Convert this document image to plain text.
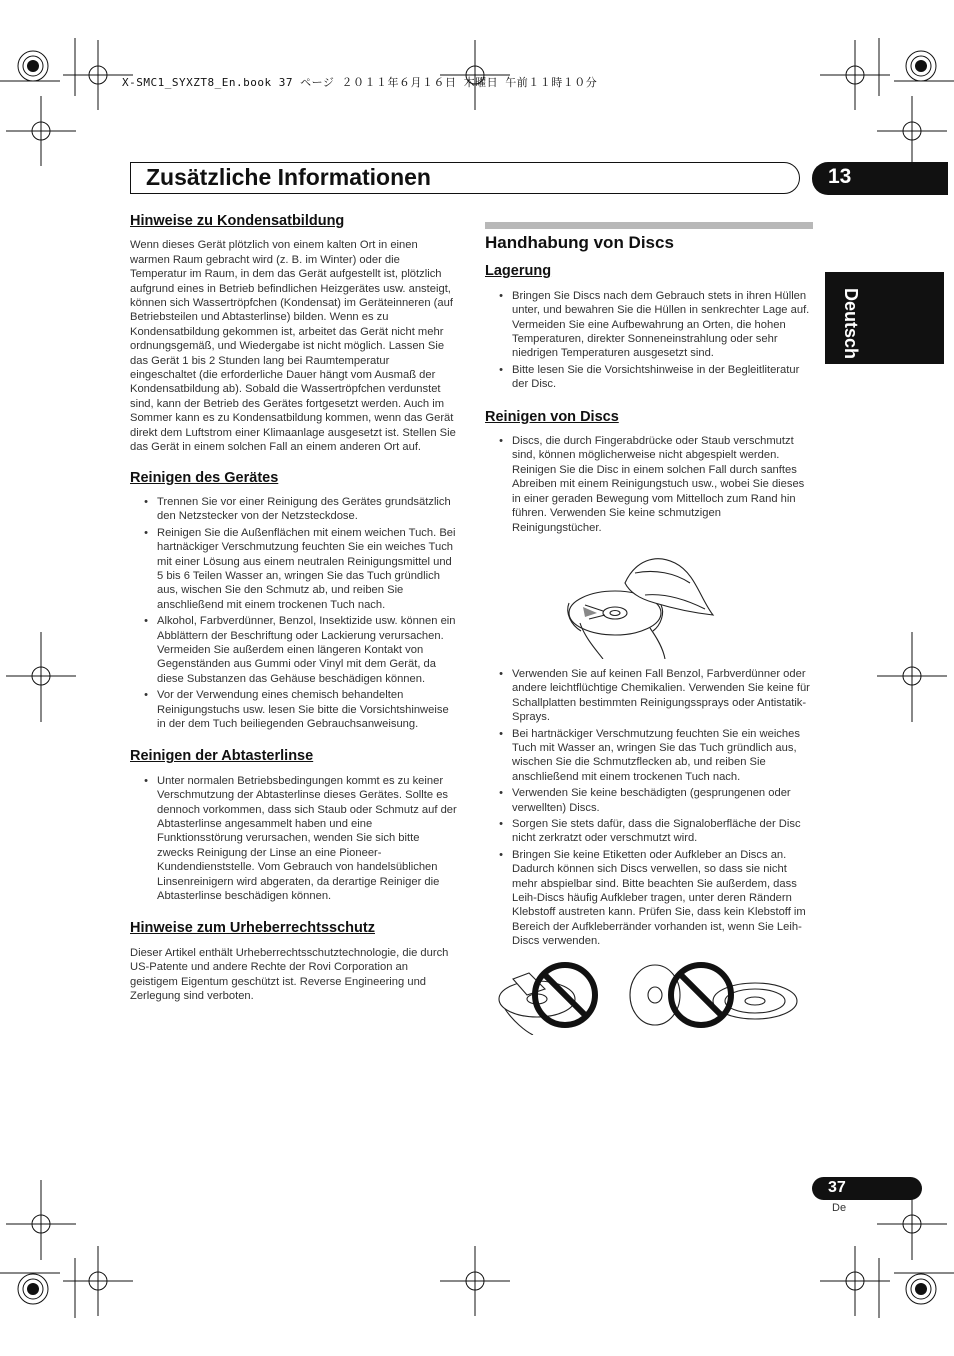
X-SMC1_SYXZT8_En.book 37 ページ ２０１１年６月１６日 木曜日 午前１１時１０分
Zusätzliche Informationen	13
Deutsch
Hinweise zu Kondensatbildung

Wenn dieses Gerät plötzlich von einem kalten Ort in einen warmen Raum gebracht wird (z. B. im Winter) oder die Temperatur im Raum, in dem das Gerät aufgestellt ist, plötzlich aufgrund eines in Betrieb befindlichen Heizgerätes usw. ansteigt, können sich Wassertröpfchen (Kondensat) im Geräteinneren (auf Betriebsteilen und Abtasterlinse) bilden. Wenn es zu Kondensatbildung gekommen ist, arbeitet das Gerät nicht mehr ordnungsgemäß, und Wiedergabe ist nicht möglich. Lassen Sie das Gerät 1 bis 2 Stunden lang bei Raumtemperatur eingeschaltet (die erforderliche Dauer hängt vom Ausmaß der Kondensatbildung ab). Sobald die Wassertröpfchen verdunstet sind, kann der Betrieb des Gerätes fortgesetzt werden. Auch im Sommer kann es zu Kondensatbildung kommen, wenn das Gerät direkt dem Luftstrom einer Klimaanlage ausgesetzt ist. Stellen Sie das Gerät in einem solchen Fall an einem anderen Ort auf.

Reinigen des Gerätes
• Trennen Sie vor einer Reinigung des Gerätes grundsätzlich den Netzstecker von der Netzsteckdose.
• Reinigen Sie die Außenflächen mit einem weichen Tuch. Bei hartnäckiger Verschmutzung feuchten Sie ein weiches Tuch mit einer Lösung aus einem neutralen Reinigungsmittel und 5 bis 6 Teilen Wasser an, wringen Sie das Tuch gründlich aus, wischen Sie den Schmutz ab, und reiben Sie anschließend mit einem trockenen Tuch nach.
• Alkohol, Farbverdünner, Benzol, Insektizide usw. können ein Abblättern der Beschriftung oder Lackierung verursachen. Vermeiden Sie außerdem einen längeren Kontakt von Gegenständen aus Gummi oder Vinyl mit dem Gerät, da diese Substanzen das Gehäuse beschädigen können.
• Vor der Verwendung eines chemisch behandelten Reinigungstuchs usw. lesen Sie bitte die Vorsichtshinweise in der dem Tuch beiliegenden Gebrauchsanweisung.
Reinigen der Abtasterlinse
• Unter normalen Betriebsbedingungen kommt es zu keiner Verschmutzung der Abtasterlinse dieses Gerätes. Sollte es dennoch vorkommen, dass sich Staub oder Schmutz auf der Abtasterlinse angesammelt haben und eine Funktionsstörung verursachen, wenden Sie sich bitte zwecks Reinigung der Linse an eine Pioneer-Kundendienststelle. Vom Gebrauch von handelsüblichen Linsenreinigern wird abgeraten, da derartige Reiniger die Abtasterlinse beschädigen können.
Hinweise zum Urheberrechtsschutz

Dieser Artikel enthält Urheberrechtsschutztechnologie, die durch US-Patente und andere Rechte der Rovi Corporation an geistigem Eigentum geschützt ist. Reverse Engineering und Zerlegung sind verboten.

Handhabung von Discs
Lagerung
• Bringen Sie Discs nach dem Gebrauch stets in ihren Hüllen unter, und bewahren Sie die Hüllen in senkrechter Lage auf. Vermeiden Sie eine Aufbewahrung an Orten, die hohen Temperaturen, direkter Sonneneinstrahlung oder sehr niedrigen Temperaturen ausgesetzt sind.
• Bitte lesen Sie die Vorsichtshinweise in der Begleitliteratur der Disc.
Reinigen von Discs
• Discs, die durch Fingerabdrücke oder Staub verschmutzt sind, können möglicherweise nicht abgespielt werden. Reinigen Sie die Disc in einem solchen Fall durch sanftes Abreiben mit einem Reinigungstuch usw., wobei Sie dieses in einer geraden Bewegung vom Mittelloch zum Rand hin führen. Verwenden Sie keine schmutzigen Reinigungstücher.
• Verwenden Sie auf keinen Fall Benzol, Farbverdünner oder andere leichtflüchtige Chemikalien. Verwenden Sie keine für Schallplatten bestimmten Reinigungssprays oder Antistatik-Sprays.
• Bei hartnäckiger Verschmutzung feuchten Sie ein weiches Tuch mit Wasser an, wringen Sie das Tuch gründlich aus, wischen Sie die Schmutzflecken ab, und reiben Sie anschließend mit einem trockenen Tuch nach.
• Verwenden Sie keine beschädigten (gesprungenen oder verwellten) Discs.
• Sorgen Sie stets dafür, dass die Signaloberfläche der Disc nicht zerkratzt oder verschmutzt wird.
• Bringen Sie keine Etiketten oder Aufkleber an Discs an. Dadurch können sich Discs verwellen, so dass sie nicht mehr abspielbar sind. Bitte beachten Sie außerdem, dass Leih-Discs häufig Aufkleber tragen, unter deren Rändern Klebstoff austreten kann. Prüfen Sie, dass kein Klebstoff im Bereich der Aufkleberränder vorhanden ist, wenn Sie Leih-Discs verwenden.
37
De
